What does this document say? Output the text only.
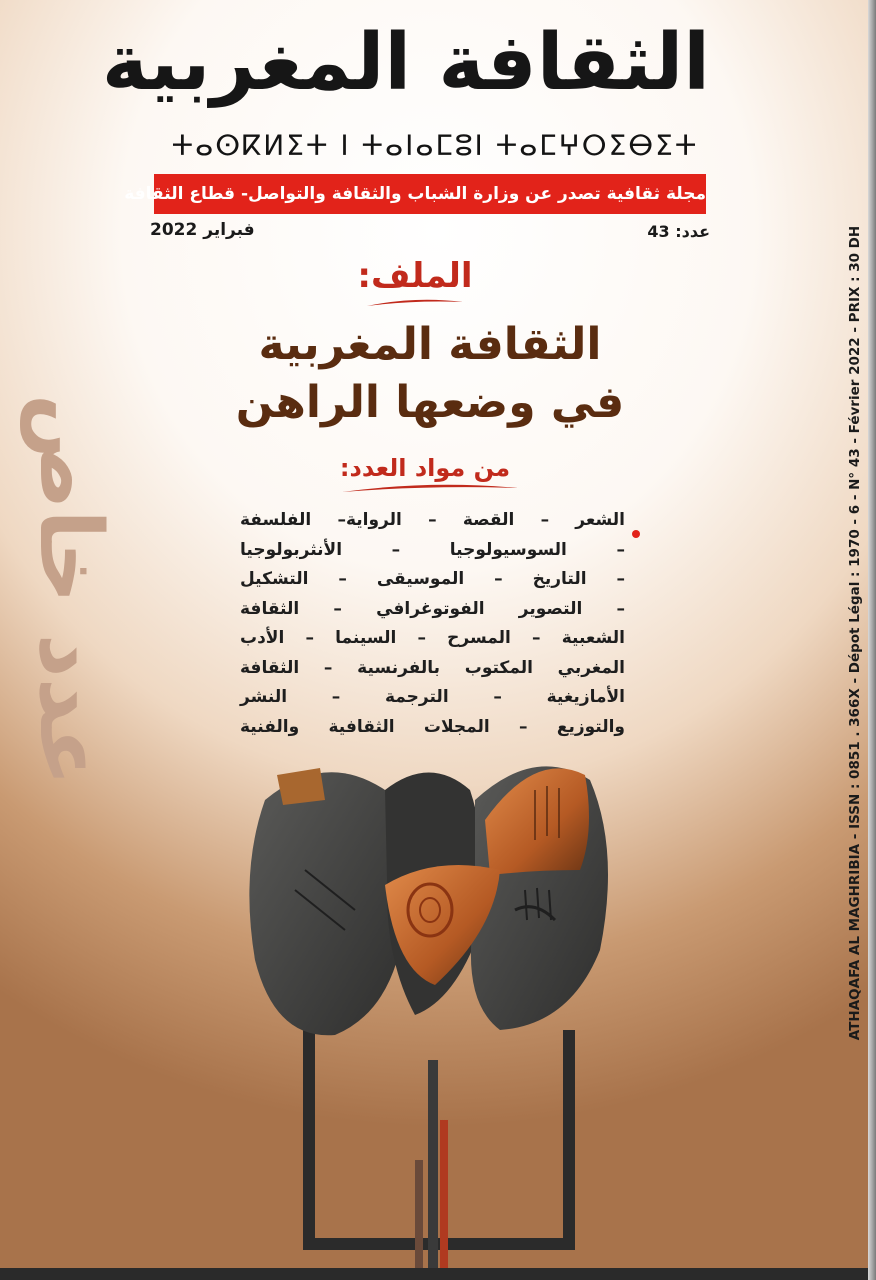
الثقافة المغربية
ⵜⴰⵙⴽⵍⵉⵜ ⵏ ⵜⴰⵏⴰⵎⵓⵏ ⵜⴰⵎⵖⵔⵉⴱⵉⵜ
مجلة ثقافية تصدر عن وزارة الشباب والثقافة والتواصل- قطاع الثقافة
فبراير 2022	عدد: 43
الملف:
الثقافة المغربية
في وضعها الراهن
من مواد العدد:
الشعر – القصة – الرواية– الفلسفة
– السوسيولوجيا – الأنثربولوجيا
– التاريخ – الموسيقى – التشكيل
– التصوير الفوتوغرافي – الثقافة
الشعبية – المسرح – السينما – الأدب
المغربي المكتوب بالفرنسية – الثقافة
الأمازيغية – الترجمة – النشر
والتوزيع – المجلات الثقافية والفنية
عدد خاص	ATHAQAFA AL MAGHRIBIA - ISSN : 0851 . 366X - Dépot Légal : 1970 - 6 - N° 43 - Février 2022 - PRIX : 30 DH
